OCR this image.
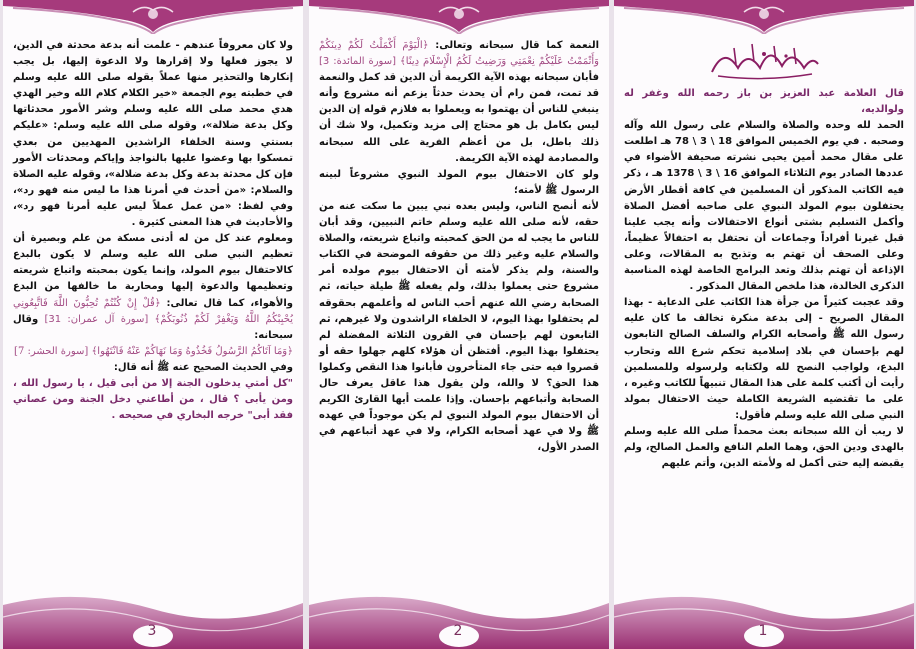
ولا كان معروفاً عندهم - علمت أنه بدعة محدثة في الدين، لا يجوز فعلها ولا إقرارها ولا الدعوة إليها، بل يجب إنكارها والتحذير منها عملاً بقوله صلى الله عليه وسلم في خطبته يوم الجمعة «خير الكلام كلام الله وخير الهدي هدي محمد صلى الله عليه وسلم وشر الأمور محدثاتها وكل بدعة ضلالة»، وقوله صلى الله عليه وسلم: «عليكم بسنتي وسنة الخلفاء الراشدين المهديين من بعدي تمسكوا بها وعضوا عليها بالنواجذ وإياكم ومحدثات الأمور فإن كل محدثة بدعة وكل بدعة ضلالة»، وقوله عليه الصلاة والسلام: «من أحدث في أمرنا هذا ما ليس منه فهو رد»، وفي لفظ: «من عمل عملاً ليس عليه أمرنا فهو رد»، والأحاديث في هذا المعنى كثيرة .

ومعلوم عند كل من له أدنى مسكة من علم وبصيرة أن تعظيم النبي صلى الله عليه وسلم لا يكون بالبدع كالاحتفال بيوم المولد، وإنما يكون بمحبته واتباع شريعته وتعظيمها والدعوة إليها ومحاربة ما خالفها من البدع والأهواء، كما قال تعالى: ﴿قُلْ إِنْ كُنْتُمْ تُحِبُّونَ اللَّهَ فَاتَّبِعُونِي يُحْبِبْكُمُ اللَّهُ وَيَغْفِرْ لَكُمْ ذُنُوبَكُمْ﴾ [سورة آل عمران: 31] وقال سبحانه:

﴿وَمَا آتَاكُمُ الرَّسُولُ فَخُذُوهُ وَمَا نَهَاكُمْ عَنْهُ فَانْتَهُوا﴾ [سورة الحشر: 7]

وفي الحديث الصحيح عنه ﷺ أنه قال:

"كل أمتي يدخلون الجنة إلا من أبى قيل ، يا رسول الله ، ومن يأبى ؟ قال ، من أطاعني دخل الجنة ومن عصاني فقد أبى" خرجه البخاري في صحيحه .

3

النعمة كما قال سبحانه وتعالى: ﴿الْيَوْمَ أَكْمَلْتُ لَكُمْ دِينَكُمْ وَأَتْمَمْتُ عَلَيْكُمْ نِعْمَتِي وَرَضِيتُ لَكُمُ الْإِسْلَامَ دِينًا﴾ [سورة المائدة: 3] فأبان سبحانه بهذه الآية الكريمة أن الدين قد كمل والنعمة قد تمت، فمن رام أن يحدث حدثاً يزعم أنه مشروع وأنه ينبغي للناس أن يهتموا به ويعملوا به فلازم قوله إن الدين ليس بكامل بل هو محتاج إلى مزيد وتكميل، ولا شك أن ذلك باطل، بل من أعظم الفرية على الله سبحانه والمصادمة لهذه الآية الكريمة.

ولو كان الاحتفال بيوم المولد النبوي مشروعاً لبينه الرسول ﷺ لأمته؛

لأنه أنصح الناس، وليس بعده نبي يبين ما سكت عنه من حقه، لأنه صلى الله عليه وسلم خاتم النبيين، وقد أبان للناس ما يجب له من الحق كمحبته واتباع شريعته، والصلاة والسلام عليه وغير ذلك من حقوقه الموضحة في الكتاب والسنة، ولم يذكر لأمته أن الاحتفال بيوم مولده أمر مشروع حتى يعملوا بذلك، ولم يفعله ﷺ طيلة حياته، ثم الصحابة رضي الله عنهم أحب الناس له وأعلمهم بحقوقه لم يحتفلوا بهذا اليوم، لا الخلفاء الراشدون ولا غيرهم، ثم التابعون لهم بإحسان في القرون الثلاثة المفضلة لم يحتفلوا بهذا اليوم. أفتظن أن هؤلاء كلهم جهلوا حقه أو قصروا فيه حتى جاء المتأخرون فأبانوا هذا النقص وكملوا هذا الحق؟ لا والله، ولن يقول هذا عاقل يعرف حال الصحابة وأتباعهم بإحسان. وإذا علمت أيها القارئ الكريم أن الاحتفال بيوم المولد النبوي لم يكن موجوداً في عهده ﷺ ولا في عهد أصحابه الكرام، ولا في عهد أتباعهم في الصدر الأول،

2

قال العلامة عبد العزيز بن باز رحمه الله وغفر له ولوالديه،

الحمد لله وحده والصلاة والسلام على رسول الله وآله وصحبه . في يوم الخميس الموافق 18 \ 3 \ 78 هـ اطلعت على مقال محمد أمين يحيى نشرته صحيفة الأضواء في عددها الصادر يوم الثلاثاء الموافق 16 \ 3 \ 1378 هـ ، ذكر فيه الكاتب المذكور أن المسلمين في كافة أقطار الأرض يحتفلون بيوم المولد النبوي على صاحبه أفضل الصلاة وأكمل التسليم بشتى أنواع الاحتفالات وأنه يجب علينا قبل غيرنا أفراداً وجماعات أن نحتفل به احتفالاً عظيماً، وعلى الصحف أن تهتم به وتذبح به المقالات، وعلى الإذاعة أن تهتم بذلك وتعد البرامج الخاصة لهذه المناسبة الذكرى الخالدة، هذا ملخص المقال المذكور .

وقد عجبت كثيراً من جرأة هذا الكاتب على الدعاية - بهذا المقال الصريح - إلى بدعة منكرة تخالف ما كان عليه رسول الله ﷺ وأصحابه الكرام والسلف الصالح التابعون لهم بإحسان في بلاد إسلامية تحكم شرع الله وتحارب البدع، ولواجب النصح لله ولكتابه ولرسوله وللمسلمين رأيت أن أكتب كلمة على هذا المقال تنبيهاً للكاتب وغيره ، على ما تقتضيه الشريعة الكاملة حيث الاحتفال بمولد النبي صلى الله عليه وسلم فأقول:

لا ريب أن الله سبحانه بعث محمداً صلى الله عليه وسلم بالهدى ودين الحق، وهما العلم النافع والعمل الصالح، ولم يقبضه إليه حتى أكمل له ولأمته الدين، وأتم عليهم

1
